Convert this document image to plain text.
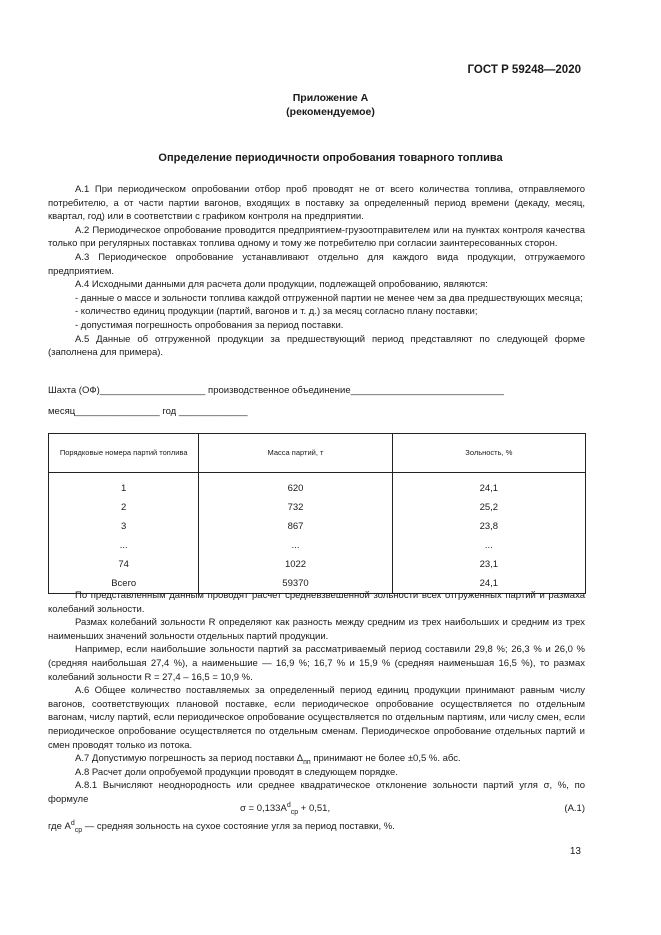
ГОСТ Р 59248—2020
Приложение А
(рекомендуемое)
Определение периодичности опробования товарного топлива

А.1 При периодическом опробовании отбор проб проводят не от всего количества топлива, отправляемого потребителю, а от части партии вагонов, входящих в поставку за определенный период времени (декаду, месяц, квартал, год) или в соответствии с графиком контроля на предприятии.

А.2 Периодическое опробование проводится предприятием-грузоотправителем или на пунктах контроля качества только при регулярных поставках топлива одному и тому же потребителю при согласии заинтересованных сторон.

А.3 Периодическое опробование устанавливают отдельно для каждого вида продукции, отгружаемого предприятием.

А.4 Исходными данными для расчета доли продукции, подлежащей опробованию, являются:

- данные о массе и зольности топлива каждой отгруженной партии не менее чем за два предшествующих месяца;

- количество единиц продукции (партий, вагонов и т. д.) за месяц согласно плану поставки;

- допустимая погрешность опробования за период поставки.

А.5 Данные об отгруженной продукции за предшествующий период представляют по следующей форме (заполнена для примера).

Шахта (ОФ)____________________ производственное объединение_____________________________
месяц________________ год _____________
Порядковые номера партий топлива	Масса партий, т	Зольность, %
1	620	24,1
2	732	25,2
3	867	23,8
...	...	...
74	1022	23,1
Всего	59370	24,1

По представленным данным проводят расчет средневзвешенной зольности всех отгруженных партий и размаха колебаний зольности.

Размах колебаний зольности R определяют как разность между средним из трех наибольших и средним из трех наименьших значений зольности отдельных партий продукции.

Например, если наибольшие зольности партий за рассматриваемый период составили 29,8 %; 26,3 % и 26,0 % (средняя наибольшая 27,4 %), а наименьшие — 16,9 %; 16,7 % и 15,9 % (средняя наименьшая 16,5 %), то размах колебаний зольности R = 27,4 – 16,5 = 10,9 %.

А.6 Общее количество поставляемых за определенный период единиц продукции принимают равным числу вагонов, соответствующих плановой поставке, если периодическое опробование осуществляется по отдельным вагонам, числу партий, если периодическое опробование осуществляется по отдельным партиям, или числу смен, если периодическое опробование осуществляется по отдельным сменам. Периодическое опробование отдельных партий и смен проводят только из потока.

А.7 Допустимую погрешность за период поставки $\Delta_{пп}$ принимают не более ±0,5 %. абс.

А.8 Расчет доли опробуемой продукции проводят в следующем порядке.

А.8.1 Вычисляют неоднородность или среднее квадратическое отклонение зольности партий угля σ, %, по формуле

$\sigma = 0,133A^d_{ср} + 0,51$,	(А.1)
где $A^d_{ср}$ — средняя зольность на сухое состояние угля за период поставки, %.
13
